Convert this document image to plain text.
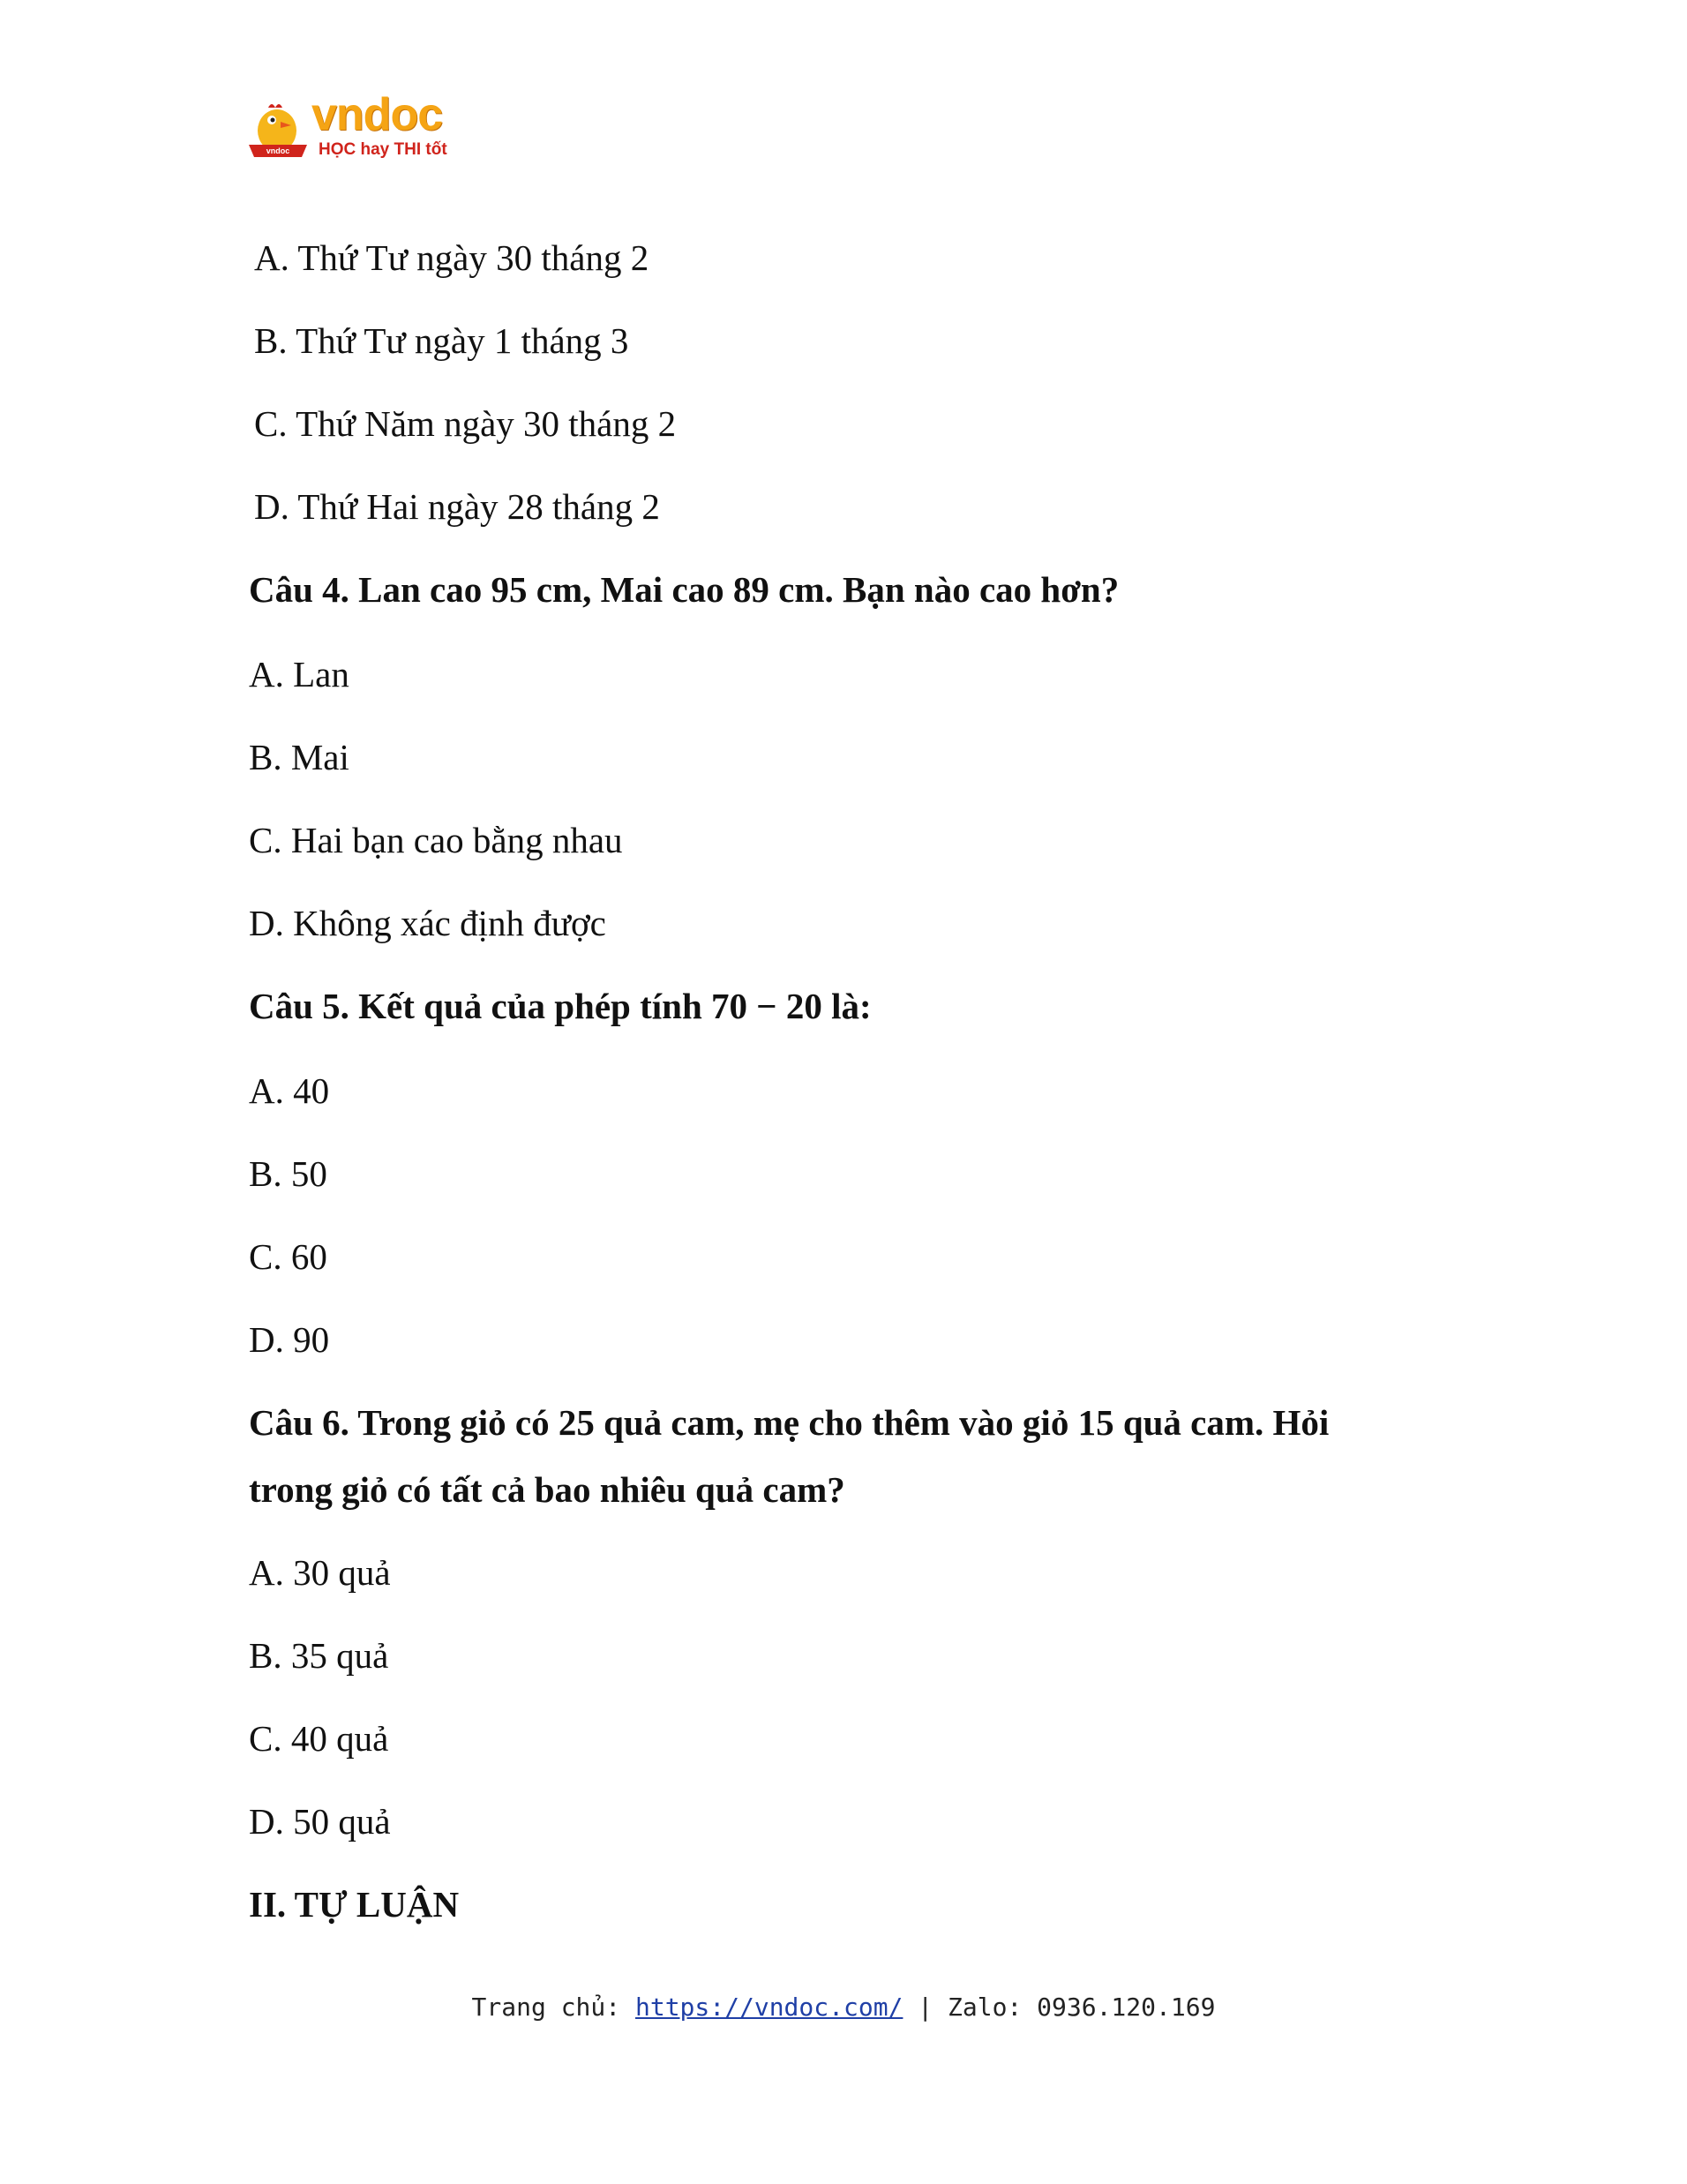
vndoc
vndoc
HỌC hay THI tốt
A. Thứ Tư ngày 30 tháng 2
B. Thứ Tư ngày 1 tháng 3
C. Thứ Năm ngày 30 tháng 2
D. Thứ Hai ngày 28 tháng 2
Câu 4. Lan cao 95 cm, Mai cao 89 cm. Bạn nào cao hơn?
A. Lan
B. Mai
C. Hai bạn cao bằng nhau
D. Không xác định được
Câu 5. Kết quả của phép tính 70 − 20 là:
A. 40
B. 50
C. 60
D. 90
Câu 6. Trong giỏ có 25 quả cam, mẹ cho thêm vào giỏ 15 quả cam. Hỏi
trong giỏ có tất cả bao nhiêu quả cam?
A. 30 quả
B. 35 quả
C. 40 quả
D. 50 quả
II. TỰ LUẬN
Trang chủ: https://vndoc.com/ | Zalo: 0936.120.169
